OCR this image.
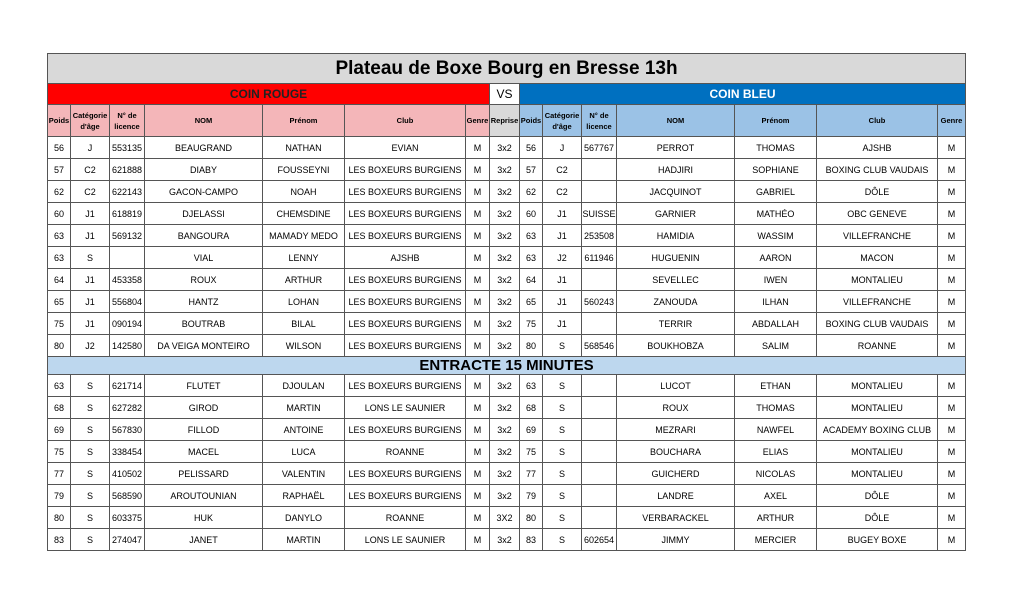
Plateau de Boxe Bourg en Bresse 13h														
COIN ROUGE							VS	COIN BLEU						
Poids	Catégorie d'âge	N° de licence	NOM	Prénom	Club	Genre	Reprise	Poids	Catégorie d'âge	N° de licence	NOM	Prénom	Club	Genre
56	J	553135	BEAUGRAND	NATHAN	EVIAN	M	3x2	56	J	567767	PERROT	THOMAS	AJSHB	M
57	C2	621888	DIABY	FOUSSEYNI	LES BOXEURS BURGIENS	M	3x2	57	C2		HADJIRI	SOPHIANE	BOXING CLUB VAUDAIS	M
62	C2	622143	GACON-CAMPO	NOAH	LES BOXEURS BURGIENS	M	3x2	62	C2		JACQUINOT	GABRIEL	DÔLE	M
60	J1	618819	DJELASSI	CHEMSDINE	LES BOXEURS BURGIENS	M	3x2	60	J1	SUISSE	GARNIER	MATHÉO	OBC GENEVE	M
63	J1	569132	BANGOURA	MAMADY MEDO	LES BOXEURS BURGIENS	M	3x2	63	J1	253508	HAMIDIA	WASSIM	VILLEFRANCHE	M
63	S		VIAL	LENNY	AJSHB	M	3x2	63	J2	611946	HUGUENIN	AARON	MACON	M
64	J1	453358	ROUX	ARTHUR	LES BOXEURS BURGIENS	M	3x2	64	J1		SEVELLEC	IWEN	MONTALIEU	M
65	J1	556804	HANTZ	LOHAN	LES BOXEURS BURGIENS	M	3x2	65	J1	560243	ZANOUDA	ILHAN	VILLEFRANCHE	M
75	J1	090194	BOUTRAB	BILAL	LES BOXEURS BURGIENS	M	3x2	75	J1		TERRIR	ABDALLAH	BOXING CLUB VAUDAIS	M
80	J2	142580	DA VEIGA MONTEIRO	WILSON	LES BOXEURS BURGIENS	M	3x2	80	S	568546	BOUKHOBZA	SALIM	ROANNE	M
ENTRACTE 15 MINUTES														
63	S	621714	FLUTET	DJOULAN	LES BOXEURS BURGIENS	M	3x2	63	S		LUCOT	ETHAN	MONTALIEU	M
68	S	627282	GIROD	MARTIN	LONS LE SAUNIER	M	3x2	68	S		ROUX	THOMAS	MONTALIEU	M
69	S	567830	FILLOD	ANTOINE	LES BOXEURS BURGIENS	M	3x2	69	S		MEZRARI	NAWFEL	ACADEMY BOXING CLUB	M
75	S	338454	MACEL	LUCA	ROANNE	M	3x2	75	S		BOUCHARA	ELIAS	MONTALIEU	M
77	S	410502	PELISSARD	VALENTIN	LES BOXEURS BURGIENS	M	3x2	77	S		GUICHERD	NICOLAS	MONTALIEU	M
79	S	568590	AROUTOUNIAN	RAPHAËL	LES BOXEURS BURGIENS	M	3x2	79	S		LANDRE	AXEL	DÔLE	M
80	S	603375	HUK	DANYLO	ROANNE	M	3X2	80	S		VERBARACKEL	ARTHUR	DÔLE	M
83	S	274047	JANET	MARTIN	LONS LE SAUNIER	M	3x2	83	S	602654	JIMMY	MERCIER	BUGEY BOXE	M
